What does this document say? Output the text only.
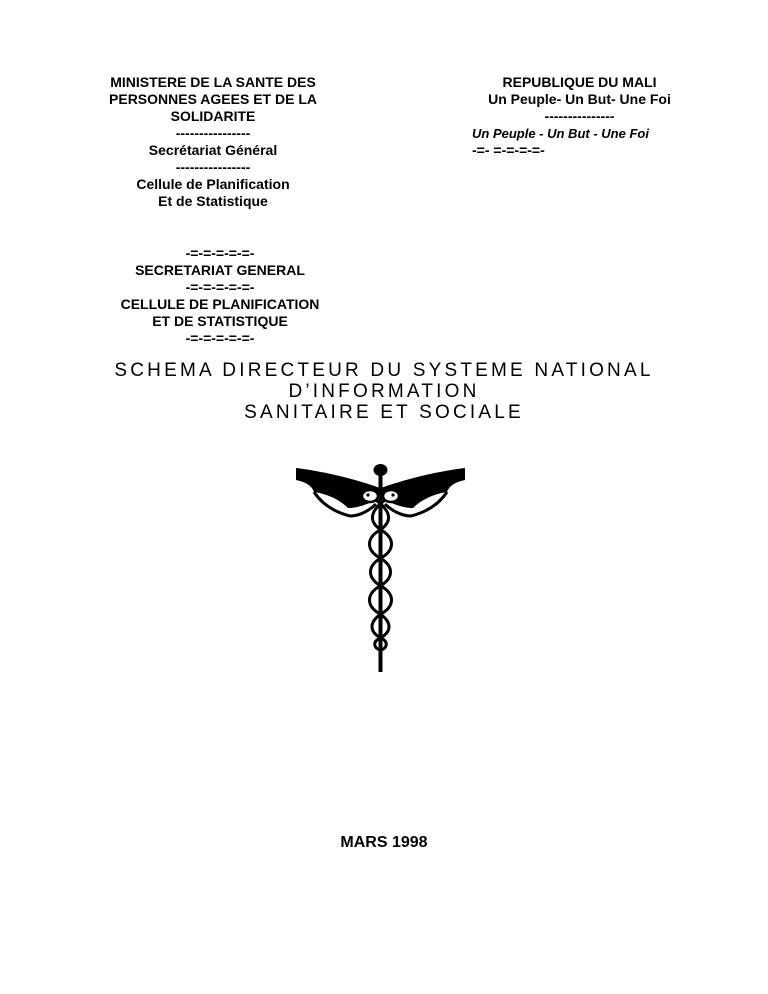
MINISTERE DE LA SANTE DES
PERSONNES AGEES ET DE LA
SOLIDARITE
----------------
Secrétariat Général
----------------
Cellule de Planification
Et de Statistique
REPUBLIQUE DU MALI
Un Peuple- Un But- Une Foi
---------------
Un Peuple - Un But - Une Foi
-=- =-=-=-=-
-=-=-=-=-=-
SECRETARIAT GENERAL
-=-=-=-=-=-
CELLULE DE PLANIFICATION
ET DE STATISTIQUE
-=-=-=-=-=-
SCHEMA DIRECTEUR DU SYSTEME NATIONAL
D’INFORMATION
SANITAIRE ET SOCIALE
MARS 1998
